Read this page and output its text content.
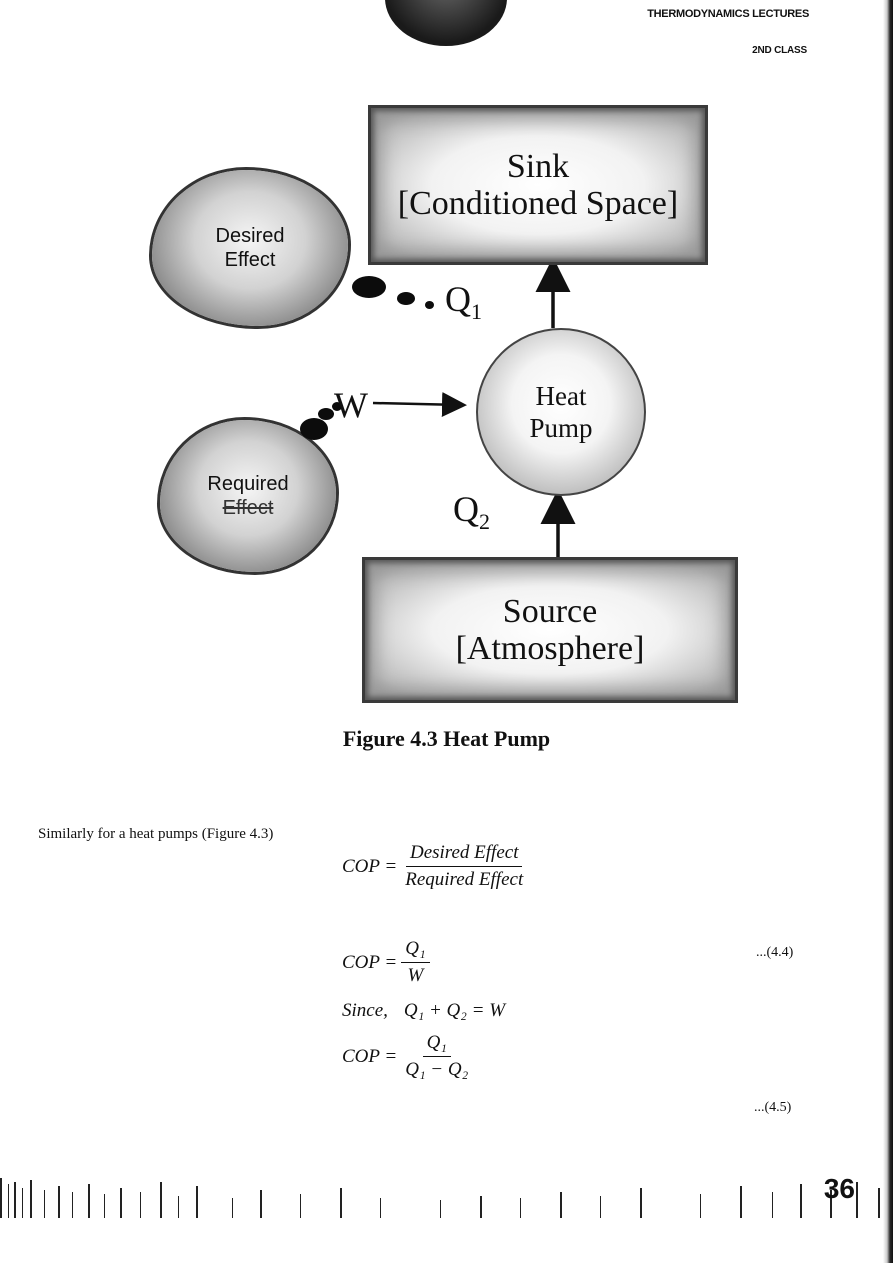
THERMODYNAMICS LECTURES
2ND CLASS
Sink
[Conditioned Space]
Heat
Pump
Source
[Atmosphere]
Desired
Effect
Required
Effect
$Q_1$
W
$Q_2$
Figure 4.3 Heat Pump
Similarly for a heat pumps (Figure 4.3)
COP = $\frac{\text{Desired Effect}}{\text{Required Effect}}$
COP = $\frac{\text{Q₁}}{W}$	...(4.4)
Since, Q₁ + Q₂ = W
COP = $\frac{\text{Q₁}}{\text{Q₁ − Q₂}}$
...(4.5)
36
